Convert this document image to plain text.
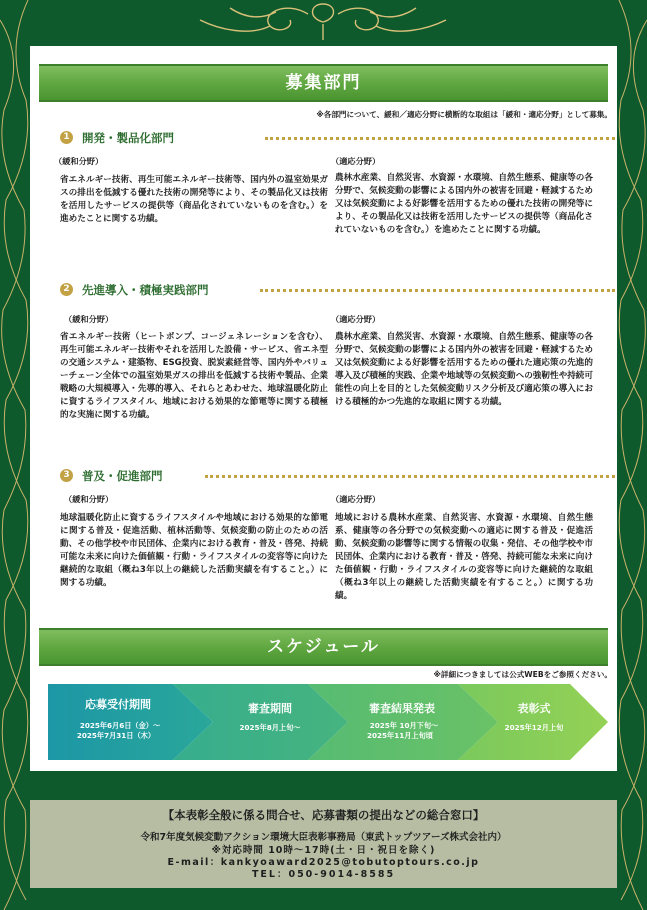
募集部門
※各部門について、緩和／適応分野に横断的な取組は「緩和・適応分野」として募集。
1 開発・製品化部門
（緩和分野）
省エネルギー技術、再生可能エネルギー技術等、国内外の温室効果ガスの排出を低減する優れた技術の開発等により、その製品化又は技術を活用したサービスの提供等（商品化されていないものを含む。）を進めたことに関する功績。
（適応分野）
農林水産業、自然災害、水資源・水環境、自然生態系、健康等の各分野で、気候変動の影響による国内外の被害を回避・軽減するため又は気候変動による好影響を活用するための優れた技術の開発等により、その製品化又は技術を活用したサービスの提供等（商品化されていないものを含む。）を進めたことに関する功績。
2 先進導入・積極実践部門
（緩和分野）
省エネルギー技術（ヒートポンプ、コージェネレーションを含む）、再生可能エネルギー技術やそれを活用した設備・サービス、省エネ型の交通システム・建築物、ESG投資、脱炭素経営等、国内外やバリューチェーン全体での温室効果ガスの排出を低減する技術や製品、企業戦略の大規模導入・先導的導入、それらとあわせた、地球温暖化防止に資するライフスタイル、地域における効果的な節電等に関する積極的な実施に関する功績。
（適応分野）
農林水産業、自然災害、水資源・水環境、自然生態系、健康等の各分野で、気候変動の影響による国内外の被害を回避・軽減するため又は気候変動による好影響を活用するための優れた適応策の先進的導入及び積極的実践、企業や地域等の気候変動への強靭性や持続可能性の向上を目的とした気候変動リスク分析及び適応策の導入における積極的かつ先進的な取組に関する功績。
3 普及・促進部門
（緩和分野）
地球温暖化防止に資するライフスタイルや地域における効果的な節電に関する普及・促進活動、植林活動等、気候変動の防止のための活動、その他学校や市民団体、企業内における教育・普及・啓発、持続可能な未来に向けた価値観・行動・ライフスタイルの変容等に向けた継続的な取組（概ね3年以上の継続した活動実績を有すること。）に関する功績。
（適応分野）
地域における農林水産業、自然災害、水資源・水環境、自然生態系、健康等の各分野での気候変動への適応に関する普及・促進活動、気候変動の影響等に関する情報の収集・発信、その他学校や市民団体、企業内における教育・普及・啓発、持続可能な未来に向けた価値観・行動・ライフスタイルの変容等に向けた継続的な取組（概ね3年以上の継続した活動実績を有すること。）に関する功績。
スケジュール
※詳細につきましては公式WEBをご参照ください。
応募受付期間
2025年6月6日（金）～
2025年7月31日（木）
審査期間
2025年8月上旬～
審査結果発表
2025年 10月下旬～
2025年11月上旬頃
表彰式
2025年12月上旬
【本表彰全般に係る問合せ、応募書類の提出などの総合窓口】
令和7年度気候変動アクション環境大臣表彰事務局（東武トップツアーズ株式会社内）
※対応時間 10時～17時(土・日・祝日を除く)
E-mail：kankyoaward2025@tobutoptours.co.jp
TEL：050-9014-8585
